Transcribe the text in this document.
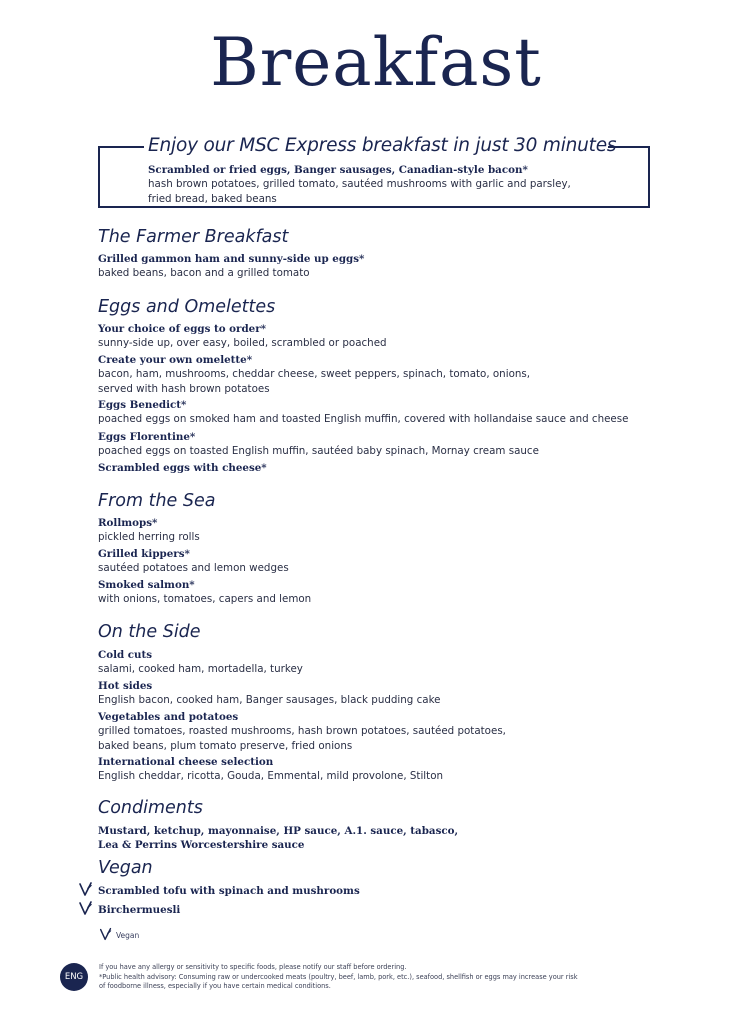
Breakfast
Enjoy our MSC Express breakfast in just 30 minutes
Scrambled or fried eggs, Banger sausages, Canadian-style bacon*
hash brown potatoes, grilled tomato, sautéed mushrooms with garlic and parsley,
fried bread, baked beans
The Farmer Breakfast
Grilled gammon ham and sunny-side up eggs*
baked beans, bacon and a grilled tomato
Eggs and Omelettes
Your choice of eggs to order*
sunny-side up, over easy, boiled, scrambled or poached
Create your own omelette*
bacon, ham, mushrooms, cheddar cheese, sweet peppers, spinach, tomato, onions,
served with hash brown potatoes
Eggs Benedict*
poached eggs on smoked ham and toasted English muffin, covered with hollandaise sauce and cheese
Eggs Florentine*
poached eggs on toasted English muffin, sautéed baby spinach, Mornay cream sauce
Scrambled eggs with cheese*
From the Sea
Rollmops*
pickled herring rolls
Grilled kippers*
sautéed potatoes and lemon wedges
Smoked salmon*
with onions, tomatoes, capers and lemon
On the Side
Cold cuts
salami, cooked ham, mortadella, turkey
Hot sides
English bacon, cooked ham, Banger sausages, black pudding cake
Vegetables and potatoes
grilled tomatoes, roasted mushrooms, hash brown potatoes, sautéed potatoes,
baked beans, plum tomato preserve, fried onions
International cheese selection
English cheddar, ricotta, Gouda, Emmental, mild provolone, Stilton
Condiments
Mustard, ketchup, mayonnaise, HP sauce, A.1. sauce, tabasco,
Lea & Perrins Worcestershire sauce
Vegan
Scrambled tofu with spinach and mushrooms
Birchermuesli
Vegan
ENG
If you have any allergy or sensitivity to specific foods, please notify our staff before ordering.
*Public health advisory: Consuming raw or undercooked meats (poultry, beef, lamb, pork, etc.), seafood, shellfish or eggs may increase your risk
of foodborne illness, especially if you have certain medical conditions.
